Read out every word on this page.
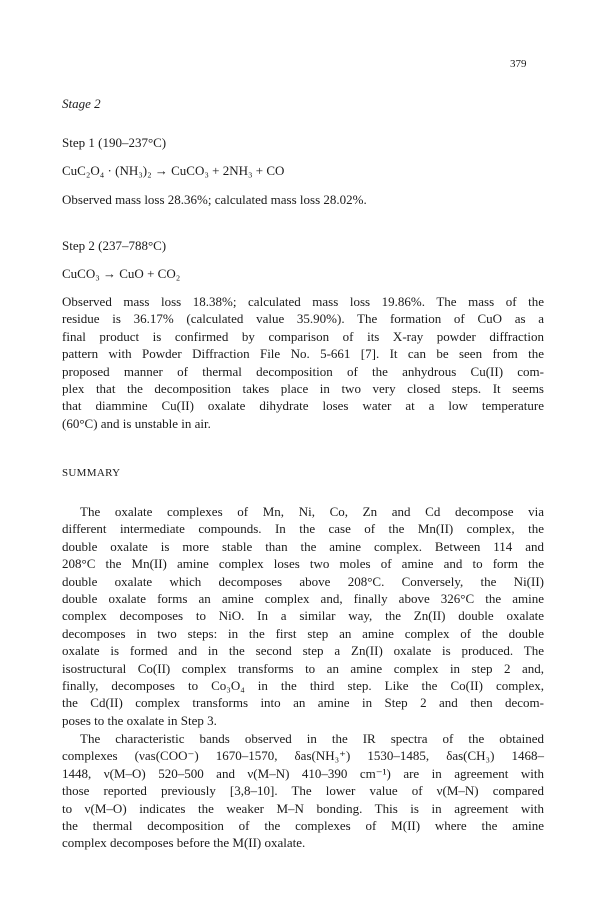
379
Stage 2
Step 1 (190–237°C)
CuC₂O₄ · (NH₃)₂ → CuCO₃ + 2NH₃ + CO
Observed mass loss 28.36%; calculated mass loss 28.02%.
Step 2 (237–788°C)
CuCO₃ → CuO + CO₂
Observed mass loss 18.38%; calculated mass loss 19.86%. The mass of the
residue is 36.17% (calculated value 35.90%). The formation of CuO as a
final product is confirmed by comparison of its X-ray powder diffraction
pattern with Powder Diffraction File No. 5-661 [7]. It can be seen from the
proposed manner of thermal decomposition of the anhydrous Cu(II) com-
plex that the decomposition takes place in two very closed steps. It seems
that diammine Cu(II) oxalate dihydrate loses water at a low temperature
(60°C) and is unstable in air.
SUMMARY
The oxalate complexes of Mn, Ni, Co, Zn and Cd decompose via
different intermediate compounds. In the case of the Mn(II) complex, the
double oxalate is more stable than the amine complex. Between 114 and
208°C the Mn(II) amine complex loses two moles of amine and to form the
double oxalate which decomposes above 208°C. Conversely, the Ni(II)
double oxalate forms an amine complex and, finally above 326°C the amine
complex decomposes to NiO. In a similar way, the Zn(II) double oxalate
decomposes in two steps: in the first step an amine complex of the double
oxalate is formed and in the second step a Zn(II) oxalate is produced. The
isostructural Co(II) complex transforms to an amine complex in step 2 and,
finally, decomposes to Co₃O₄ in the third step. Like the Co(II) complex,
the Cd(II) complex transforms into an amine in Step 2 and then decom-
poses to the oxalate in Step 3.
The characteristic bands observed in the IR spectra of the obtained
complexes (νas(COO⁻) 1670–1570, δas(NH₃⁺) 1530–1485, δas(CH₃) 1468–
1448, ν(M–O) 520–500 and ν(M–N) 410–390 cm⁻¹) are in agreement with
those reported previously [3,8–10]. The lower value of ν(M–N) compared
to ν(M–O) indicates the weaker M–N bonding. This is in agreement with
the thermal decomposition of the complexes of M(II) where the amine
complex decomposes before the M(II) oxalate.
